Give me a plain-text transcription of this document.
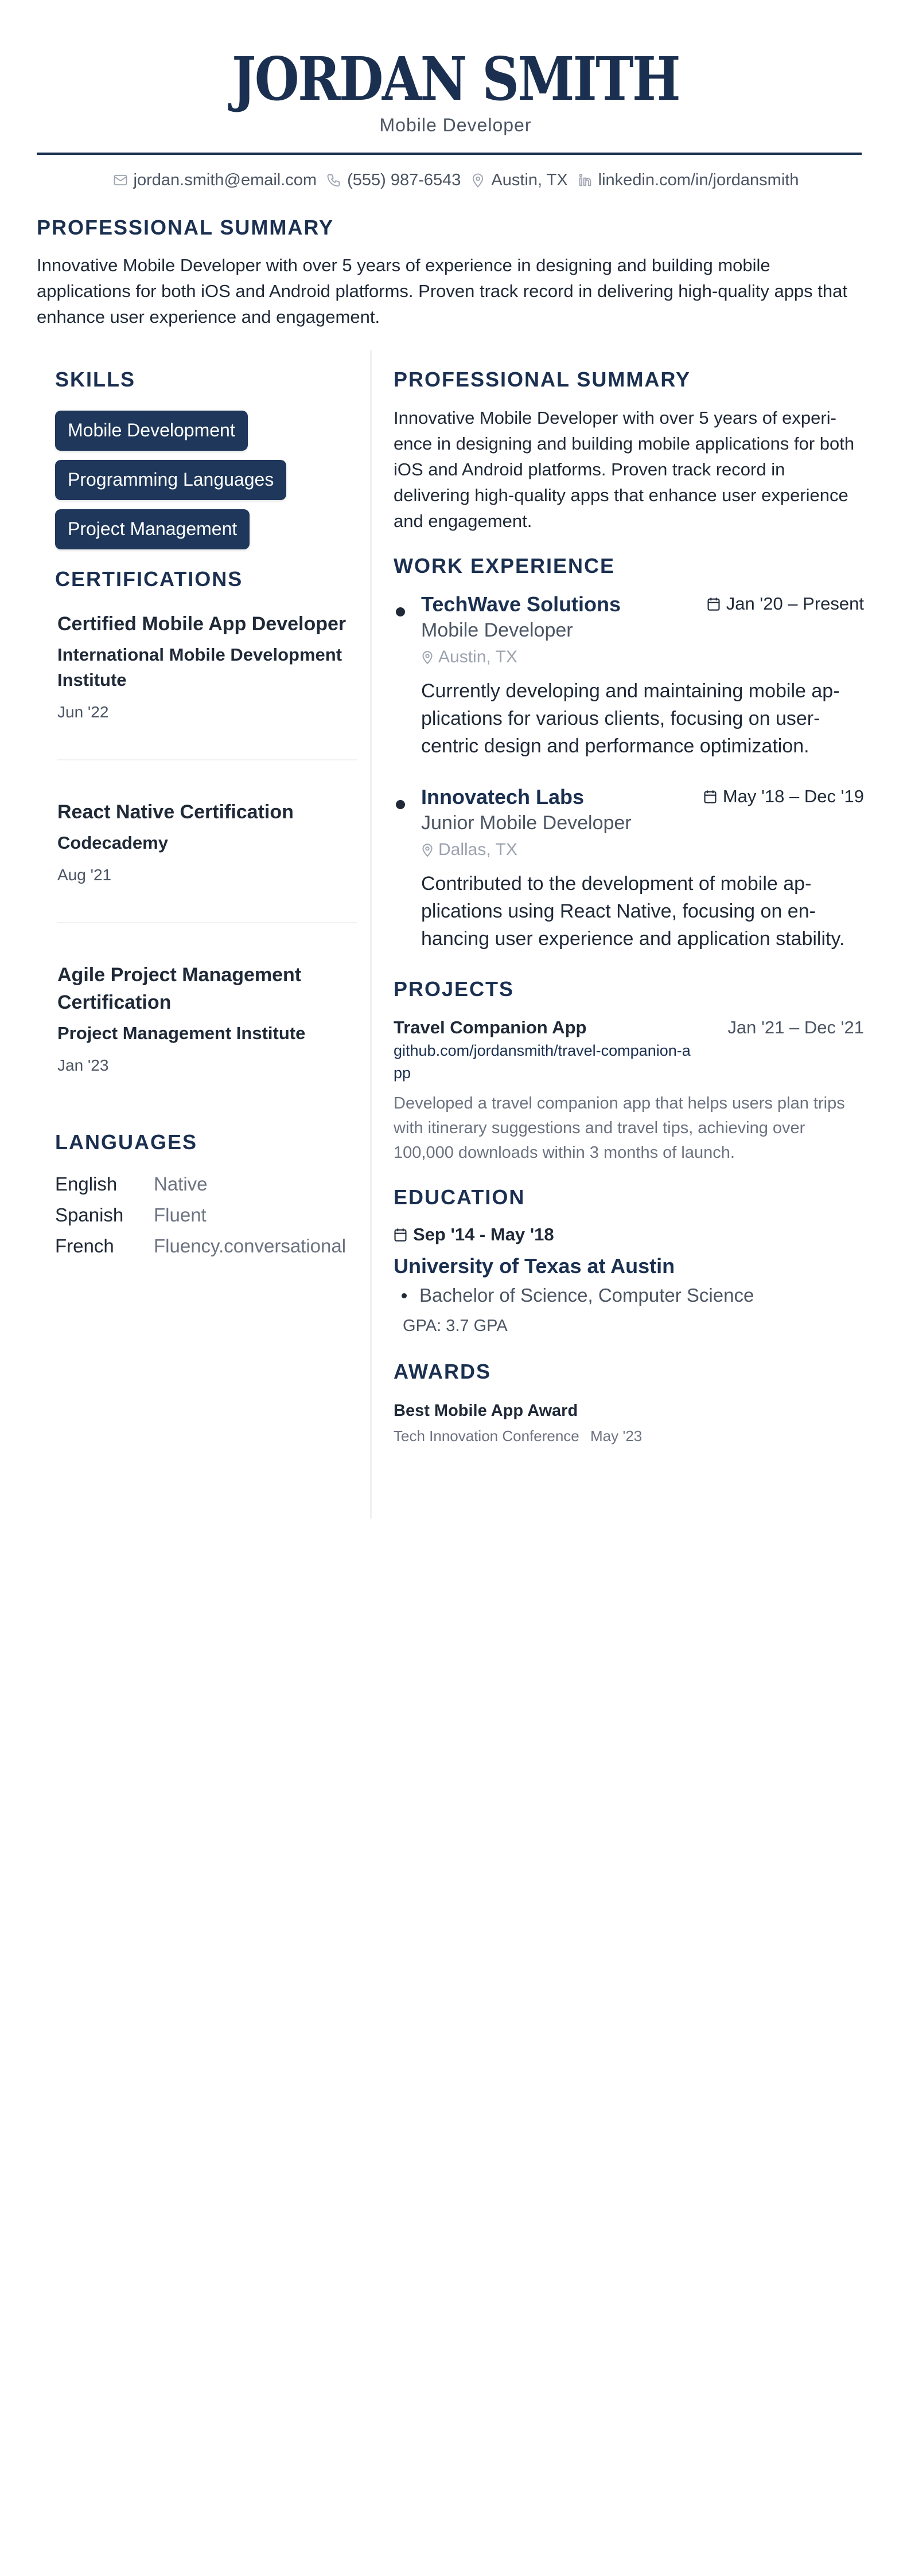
JORDAN SMITH
Mobile Developer
jordan.smith@email.com (555) 987-6543 Austin, TX linkedin.com/in/jordansmith
PROFESSIONAL SUMMARY
Innovative Mobile Developer with over 5 years of experience in designing and building mobile applications for both iOS and Android platforms. Proven track record in delivering high-quality apps that enhance user experience and engagement.
SKILLS
Mobile Development
Programming Languages
Project Management
CERTIFICATIONS
Certified Mobile App Developer
International Mobile Development Institute
Jun '22
React Native Certification
Codecademy
Aug '21
Agile Project Management Certification
Project Management Institute
Jan '23
LANGUAGES
English	Native
Spanish	Fluent
French	Fluency.conversational
PROFESSIONAL SUMMARY
Innovative Mobile Developer with over 5 years of experience in designing and building mobile applications for both iOS and Android platforms. Proven track record in delivering high-quality apps that enhance user experience and engagement.
WORK EXPERIENCE
TechWave Solutions	Jan '20 – Present
Mobile Developer
Austin, TX
Currently developing and maintaining mobile applications for various clients, focusing on user-centric design and performance optimization.
Innovatech Labs	May '18 – Dec '19
Junior Mobile Developer
Dallas, TX
Contributed to the development of mobile applications using React Native, focusing on enhancing user experience and application stability.
PROJECTS
Travel Companion App	Jan '21 – Dec '21
github.com/jordansmith/travel-companion-app
Developed a travel companion app that helps users plan trips with itinerary suggestions and travel tips, achieving over 100,000 downloads within 3 months of launch.
EDUCATION
Sep '14 - May '18
University of Texas at Austin
Bachelor of Science, Computer Science
GPA: 3.7 GPA
AWARDS
Best Mobile App Award
Tech Innovation Conference May '23
